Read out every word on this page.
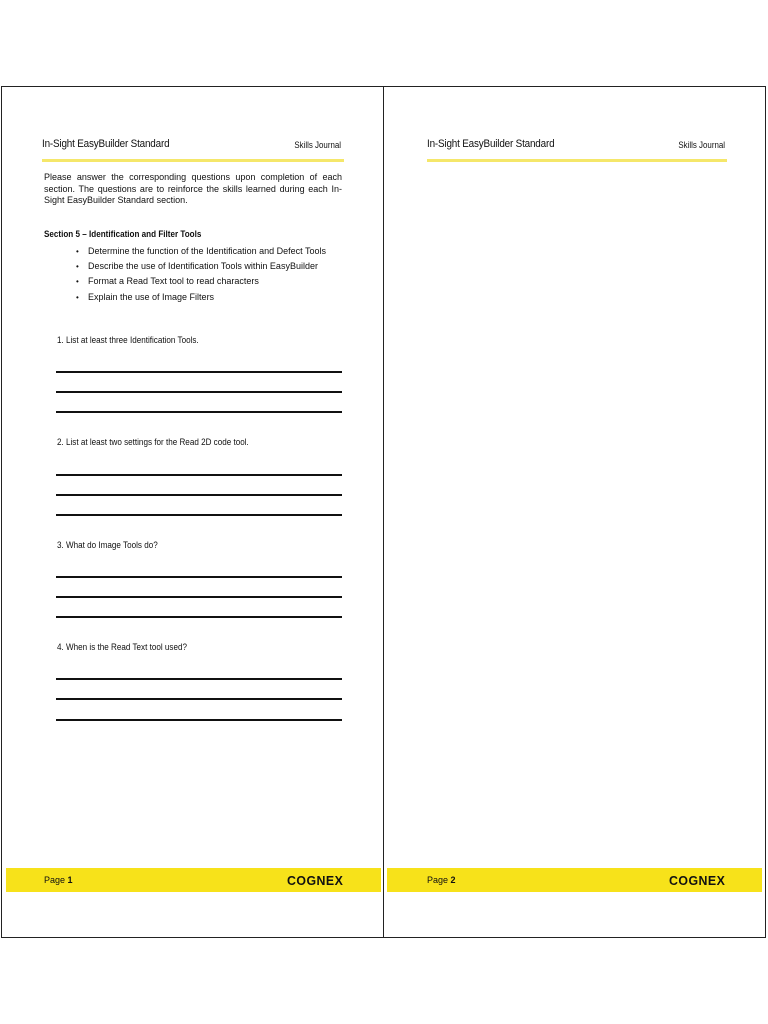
In-Sight EasyBuilder Standard	Skills Journal
Please answer the corresponding questions upon completion of each section. The questions are to reinforce the skills learned during each In-Sight EasyBuilder Standard section.
Section 5 – Identification and Filter Tools
• Determine the function of the Identification and Defect Tools
• Describe the use of Identification Tools within EasyBuilder
• Format a Read Text tool to read characters
• Explain the use of Image Filters
1. List at least three Identification Tools.
2. List at least two settings for the Read 2D code tool.
3. What do Image Tools do?
4. When is the Read Text tool used?
Page 1	COGNEX
In-Sight EasyBuilder Standard	Skills Journal
Page 2	COGNEX
